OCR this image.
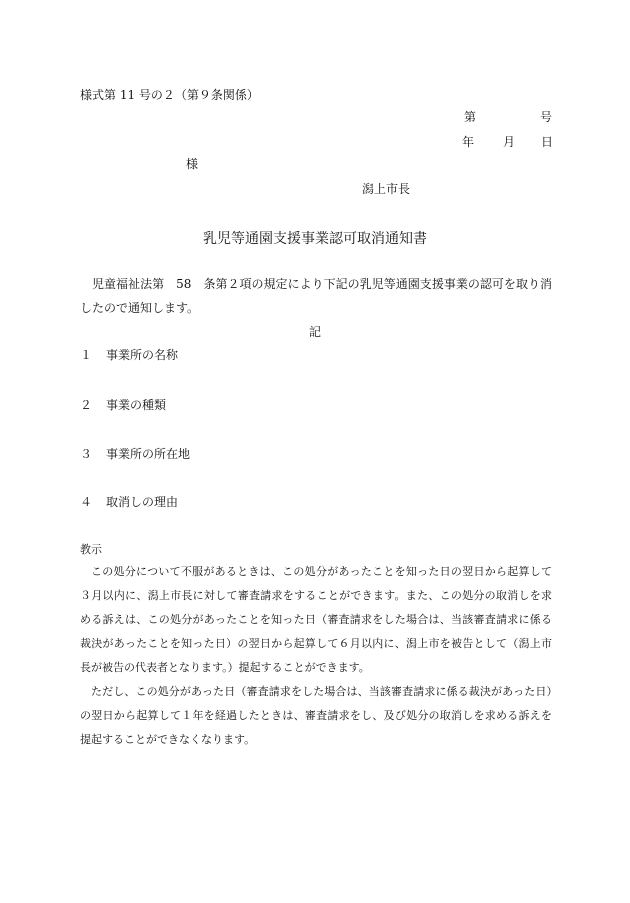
様式第 11 号の２（第９条関係）
第	号
年 月 日
様
潟上市長
乳児等通園支援事業認可取消通知書
児童福祉法第　58　条第２項の規定により下記の乳児等通園支援事業の認可を取り消したので通知します。
記
１ 事業所の名称
２ 事業の種類
３ 事業所の所在地
４ 取消しの理由
教示
この処分について不服があるときは、この処分があったことを知った日の翌日から起算して３月以内に、潟上市長に対して審査請求をすることができます。また、この処分の取消しを求める訴えは、この処分があったことを知った日（審査請求をした場合は、当該審査請求に係る裁決があったことを知った日）の翌日から起算して６月以内に、潟上市を被告として（潟上市長が被告の代表者となります。）提起することができます。
ただし、この処分があった日（審査請求をした場合は、当該審査請求に係る裁決があった日）の翌日から起算して１年を経過したときは、審査請求をし、及び処分の取消しを求める訴えを提起することができなくなります。
